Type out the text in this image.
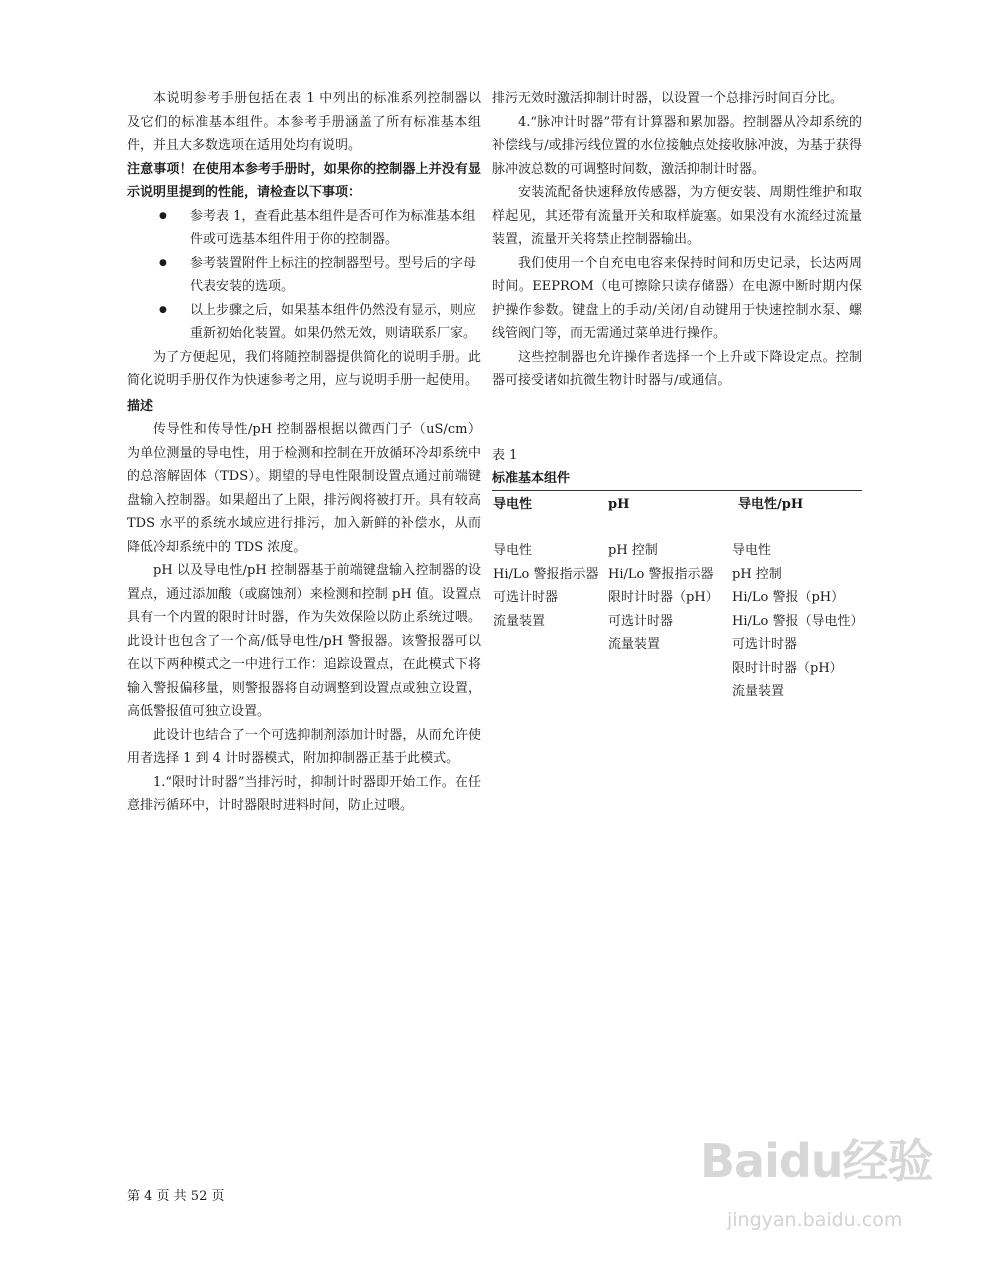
本说明参考手册包括在表 1 中列出的标准系列控制器以及它们的标准基本组件。本参考手册涵盖了所有标准基本组件，并且大多数选项在适用处均有说明。

注意事项！在使用本参考手册时，如果你的控制器上并没有显示说明里提到的性能，请检查以下事项：

● 参考表 1，查看此基本组件是否可作为标准基本组件或可选基本组件用于你的控制器。
● 参考装置附件上标注的控制器型号。型号后的字母代表安装的选项。
● 以上步骤之后，如果基本组件仍然没有显示，则应重新初始化装置。如果仍然无效，则请联系厂家。

为了方便起见，我们将随控制器提供简化的说明手册。此简化说明手册仅作为快速参考之用，应与说明手册一起使用。

描述

传导性和传导性/pH 控制器根据以微西门子（uS/cm）为单位测量的导电性，用于检测和控制在开放循环冷却系统中的总溶解固体（TDS）。期望的导电性限制设置点通过前端键盘输入控制器。如果超出了上限，排污阀将被打开。具有较高 TDS 水平的系统水域应进行排污，加入新鲜的补偿水，从而降低冷却系统中的 TDS 浓度。

pH 以及导电性/pH 控制器基于前端键盘输入控制器的设置点，通过添加酸（或腐蚀剂）来检测和控制 pH 值。设置点具有一个内置的限时计时器，作为失效保险以防止系统过喂。此设计也包含了一个高/低导电性/pH 警报器。该警报器可以在以下两种模式之一中进行工作：追踪设置点，在此模式下将输入警报偏移量，则警报器将自动调整到设置点或独立设置，高低警报值可独立设置。

此设计也结合了一个可选抑制剂添加计时器，从而允许使用者选择 1 到 4 计时器模式，附加抑制器正基于此模式。

1.“限时计时器”当排污时，抑制计时器即开始工作。在任意排污循环中，计时器限时进料时间，防止过喂。

排污无效时激活抑制计时器，以设置一个总排污时间百分比。

4.“脉冲计时器”带有计算器和累加器。控制器从冷却系统的补偿线与/或排污线位置的水位接触点处接收脉冲波，为基于获得脉冲波总数的可调整时间数，激活抑制计时器。

安装流配备快速释放传感器，为方便安装、周期性维护和取样起见，其还带有流量开关和取样旋塞。如果没有水流经过流量装置，流量开关将禁止控制器输出。

我们使用一个自充电电容来保持时间和历史记录，长达两周时间。EEPROM（电可擦除只读存储器）在电源中断时期内保护操作参数。键盘上的手动/关闭/自动键用于快速控制水泵、螺线管阀门等，而无需通过菜单进行操作。

这些控制器也允许操作者选择一个上升或下降设定点。控制器可接受诸如抗微生物计时器与/或通信。

表 1
标准基本组件
导电性	pH	导电性/pH
导电性
Hi/Lo 警报指示器
可选计时器
流量装置
pH 控制
Hi/Lo 警报指示器
限时计时器（pH）
可选计时器
流量装置
导电性
pH 控制
Hi/Lo 警报（pH）
Hi/Lo 警报（导电性）
可选计时器
限时计时器（pH）
流量装置
第 4 页 共 52 页
Baidu经验
jingyan.baidu.com
